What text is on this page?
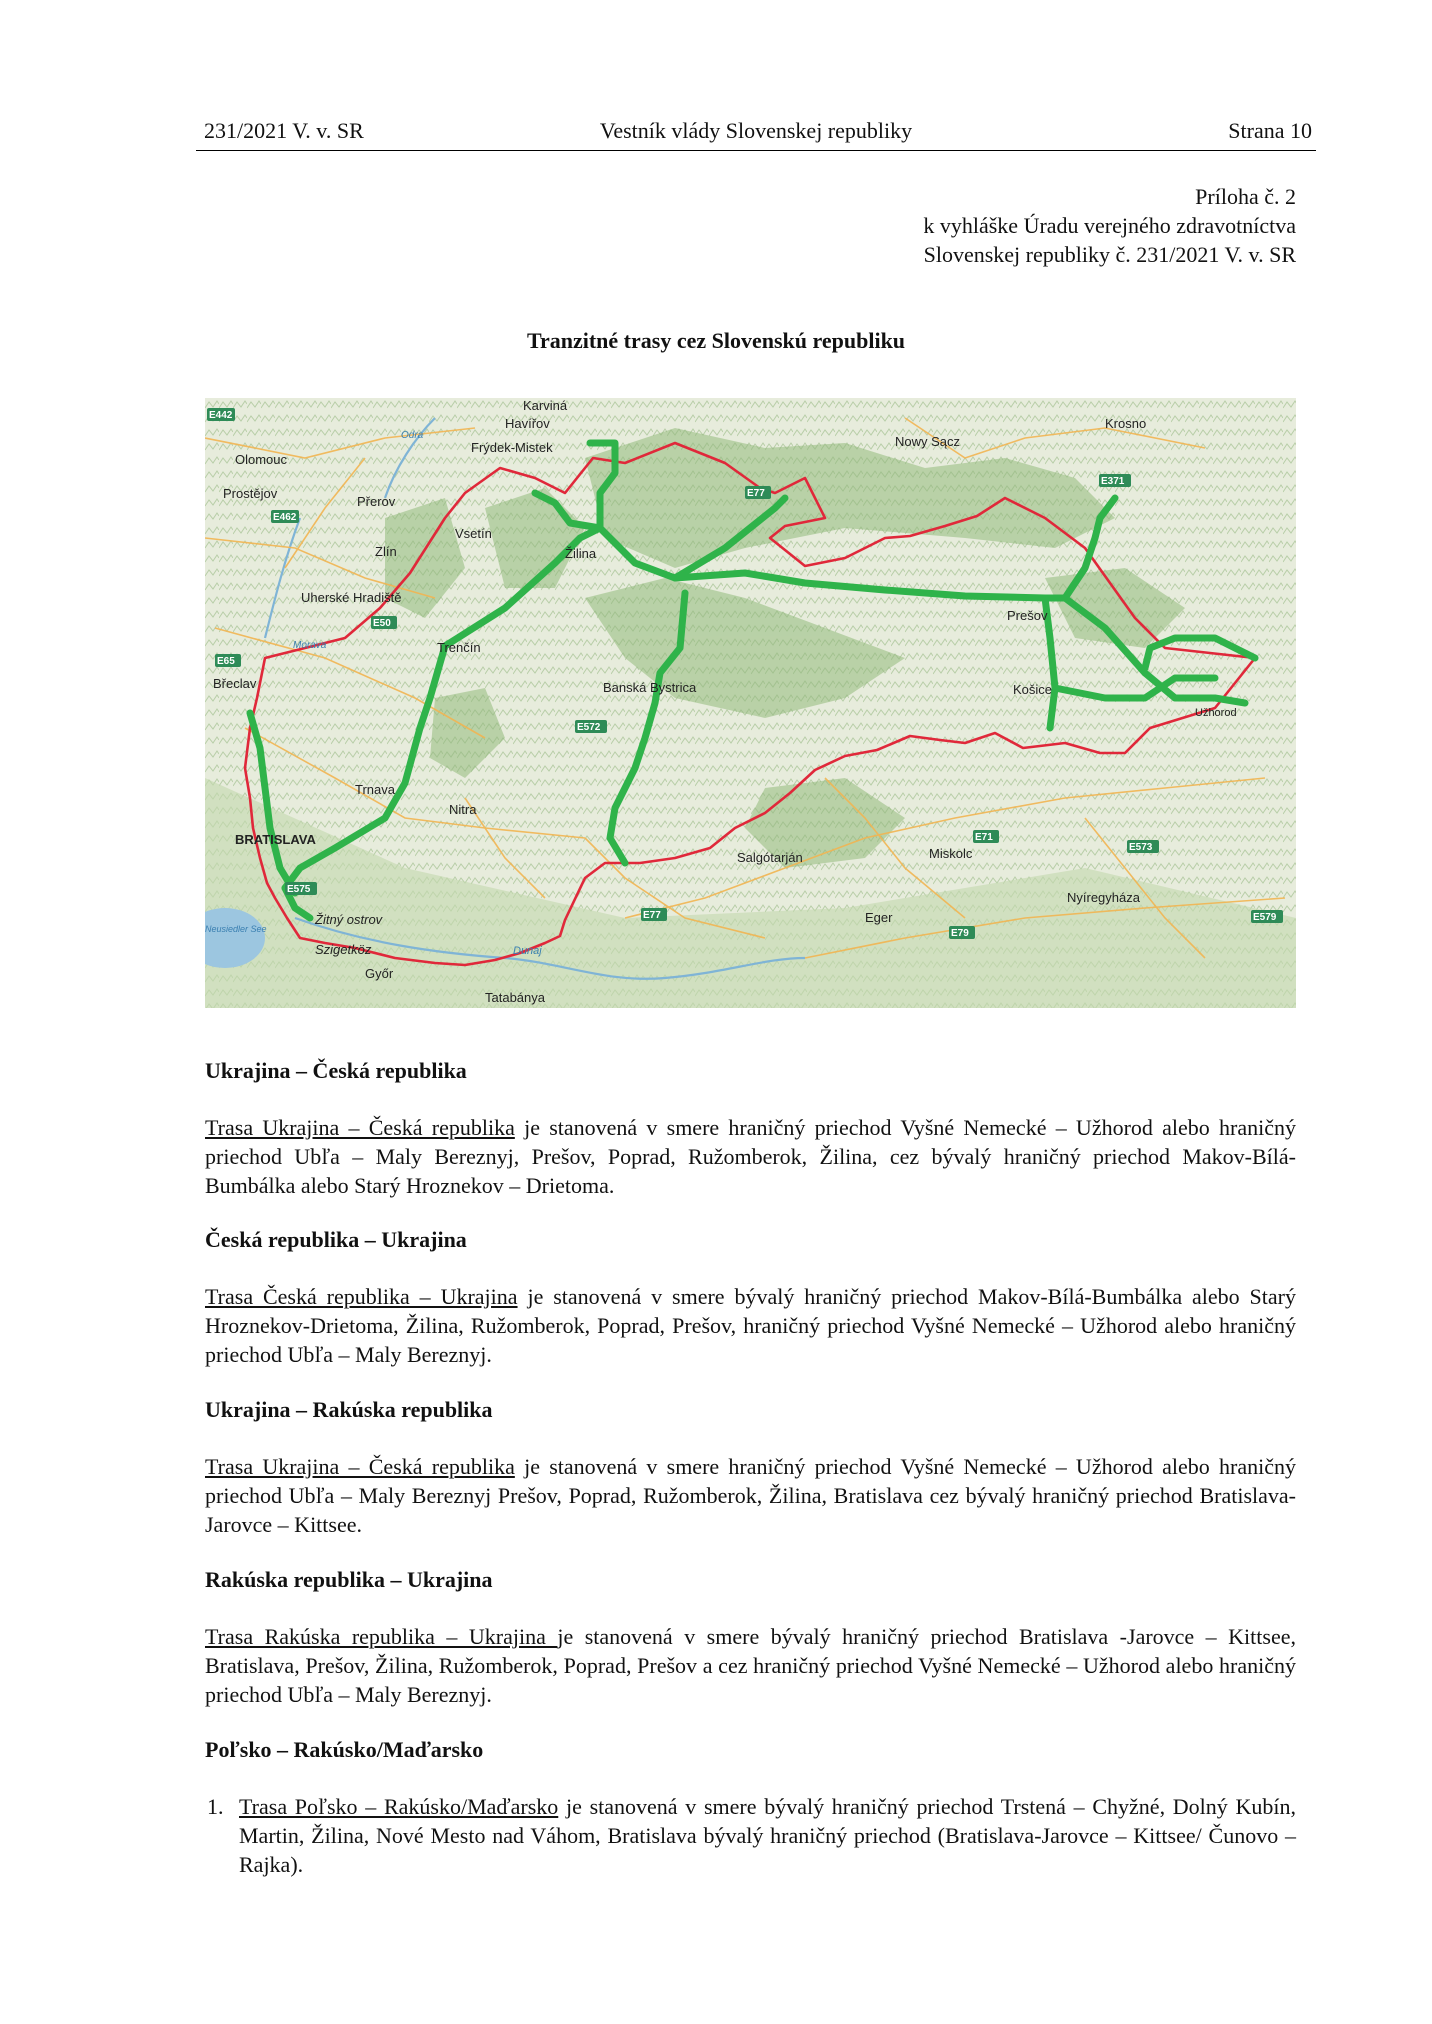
231/2021 V. v. SR	Vestník vlády Slovenskej republiky	Strana 10
Príloha č. 2
k vyhláške Úradu verejného zdravotníctva
Slovenskej republiky č. 231/2021 V. v. SR
Tranzitné trasy cez Slovenskú republiku
E442
E462
E50
E65
E77
E371
E572
E575
E71
E573
E579
E79
E77
Karviná
Havířov
Olomouc
Frýdek-Mistek
Krosno
Nowy Sącz
Prostějov
Přerov
Vsetín
Žilina
Zlín
Uherské Hradiště
Prešov
Trenčín
Břeclav	Banská Bystrica	Košice
Užhorod
Trnava
Nitra
BRATISLAVA
Salgótarján	Miskolc
Nyíregyháza
Eger
Žitný ostrov
Szigetköz
Győr
Tatabánya
Dunaj
Neusiedler See
Odra
Morava
Ukrajina – Česká republika
Trasa Ukrajina – Česká republika je stanovená v smere hraničný priechod Vyšné Nemecké – Užhorod alebo hraničný priechod Ubľa – Maly Bereznyj, Prešov, Poprad, Ružomberok, Žilina, cez bývalý hraničný priechod Makov-Bílá-Bumbálka alebo Starý Hroznekov – Drietoma.
Česká republika – Ukrajina
Trasa Česká republika – Ukrajina je stanovená v smere bývalý hraničný priechod Makov-Bílá-Bumbálka alebo Starý Hroznekov-Drietoma, Žilina, Ružomberok, Poprad, Prešov, hraničný priechod Vyšné Nemecké – Užhorod alebo hraničný priechod Ubľa – Maly Bereznyj.
Ukrajina – Rakúska republika
Trasa Ukrajina – Česká republika je stanovená v smere hraničný priechod Vyšné Nemecké – Užhorod alebo hraničný priechod Ubľa – Maly Bereznyj Prešov, Poprad, Ružomberok, Žilina, Bratislava cez bývalý hraničný priechod Bratislava-Jarovce – Kittsee.
Rakúska republika – Ukrajina
Trasa Rakúska republika – Ukrajina je stanovená v smere bývalý hraničný priechod Bratislava -Jarovce – Kittsee, Bratislava, Prešov, Žilina, Ružomberok, Poprad, Prešov a cez hraničný priechod Vyšné Nemecké – Užhorod alebo hraničný priechod Ubľa – Maly Bereznyj.
Poľsko – Rakúsko/Maďarsko
1. Trasa Poľsko – Rakúsko/Maďarsko je stanovená v smere bývalý hraničný priechod Trstená – Chyžné, Dolný Kubín, Martin, Žilina, Nové Mesto nad Váhom, Bratislava bývalý hraničný priechod (Bratislava-Jarovce – Kittsee/ Čunovo – Rajka).
